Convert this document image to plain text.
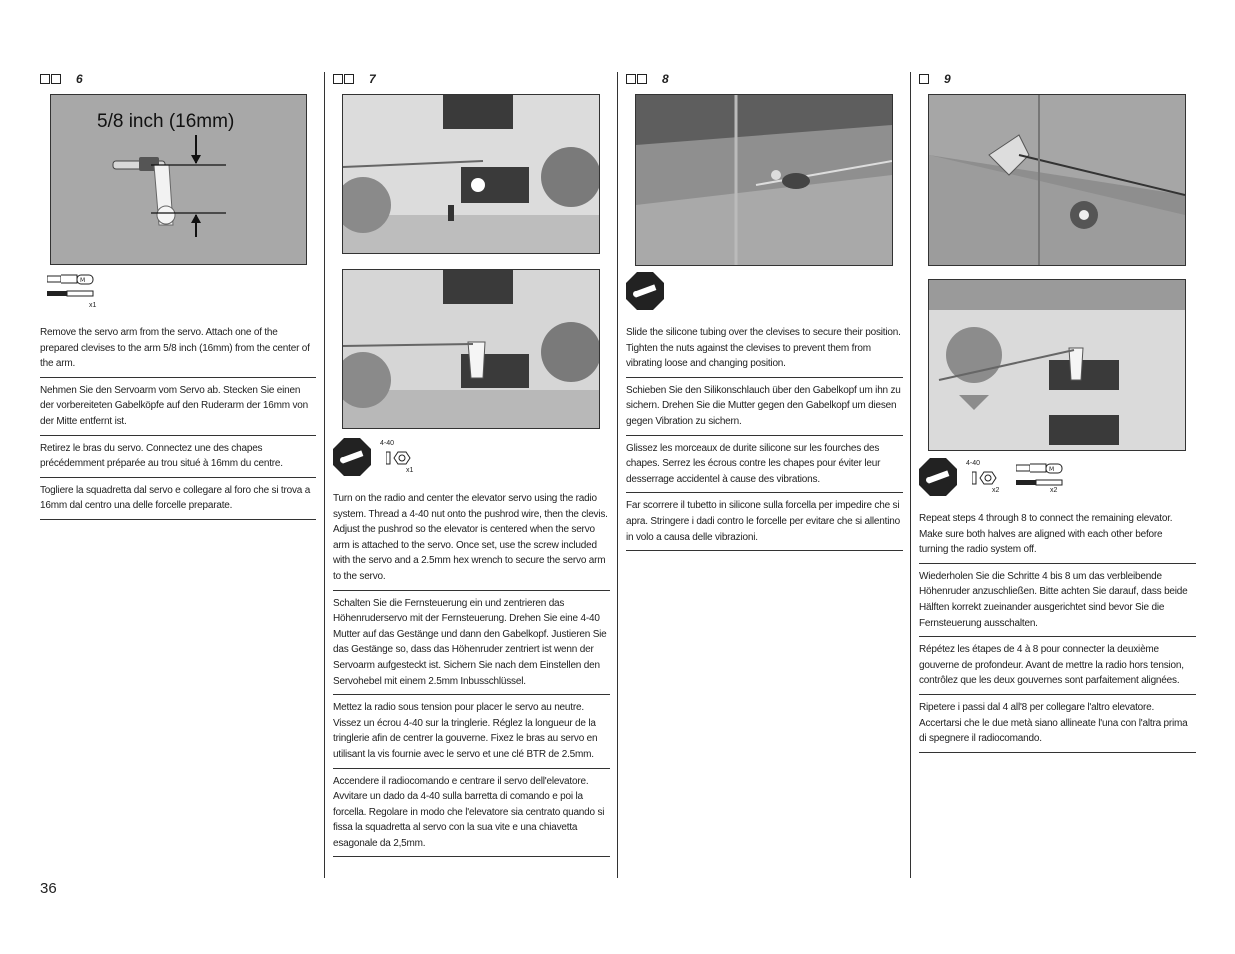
6
5/8 inch (16mm)
M
x1
Remove the servo arm from the servo. Attach one of the prepared clevises to the arm 5/8 inch (16mm) from the center of the arm.
Nehmen Sie den Servoarm vom Servo ab. Stecken Sie einen der vorbereiteten Gabelköpfe auf den Ruderarm der 16mm von der Mitte entfernt ist.
Retirez le bras du servo. Connectez une des chapes précédemment préparée au trou situé à 16mm du centre.
Togliere la squadretta dal servo e collegare al foro che si trova a 16mm dal centro una delle forcelle preparate.
7
4-40
x1
Turn on the radio and center the elevator servo using the radio system. Thread a 4-40 nut onto the pushrod wire, then the clevis. Adjust the pushrod so the elevator is centered when the servo arm is attached to the servo. Once set, use the screw included with the servo and a 2.5mm hex wrench to secure the servo arm to the servo.
Schalten Sie die Fernsteuerung ein und zentrieren das Höhenruderservo mit der Fernsteuerung. Drehen Sie eine 4-40 Mutter auf das Gestänge und dann den Gabelkopf. Justieren Sie das Gestänge so, dass das Höhenruder zentriert ist wenn der Servoarm aufgesteckt ist. Sichern Sie nach dem Einstellen den Servohebel mit einem 2.5mm Inbusschlüssel.
Mettez la radio sous tension pour placer le servo au neutre. Vissez un écrou 4-40 sur la tringlerie. Réglez la longueur de la tringlerie afin de centrer la gouverne. Fixez le bras au servo en utilisant la vis fournie avec le servo et une clé BTR de 2.5mm.
Accendere il radiocomando e centrare il servo dell'elevatore. Avvitare un dado da 4-40 sulla barretta di comando e poi la forcella. Regolare in modo che l'elevatore sia centrato quando si fissa la squadretta al servo con la sua vite e una chiavetta esagonale da 2,5mm.
8
Slide the silicone tubing over the clevises to secure their position. Tighten the nuts against the clevises to prevent them from vibrating loose and changing position.
Schieben Sie den Silikonschlauch über den Gabelkopf um ihn zu sichern. Drehen Sie die Mutter gegen den Gabelkopf um diesen gegen Vibration zu sichern.
Glissez les morceaux de durite silicone sur les fourches des chapes. Serrez les écrous contre les chapes pour éviter leur desserrage accidentel à cause des vibrations.
Far scorrere il tubetto in silicone sulla forcella per impedire che si apra. Stringere i dadi contro le forcelle per evitare che si allentino in volo a causa delle vibrazioni.
9
4-40
x2
M
x2
Repeat steps 4 through 8 to connect the remaining elevator. Make sure both halves are aligned with each other before turning the radio system off.
Wiederholen Sie die Schritte 4 bis 8 um das verbleibende Höhenruder anzuschließen. Bitte achten Sie darauf, dass beide Hälften korrekt zueinander ausgerichtet sind bevor Sie die Fernsteuerung ausschalten.
Répétez les étapes de 4 à 8 pour connecter la deuxième gouverne de profondeur. Avant de mettre la radio hors tension, contrôlez que les deux gouvernes sont parfaitement alignées.
Ripetere i passi dal 4 all'8 per collegare l'altro elevatore. Accertarsi che le due metà siano allineate l'una con l'altra prima di spegnere il radiocomando.
36
